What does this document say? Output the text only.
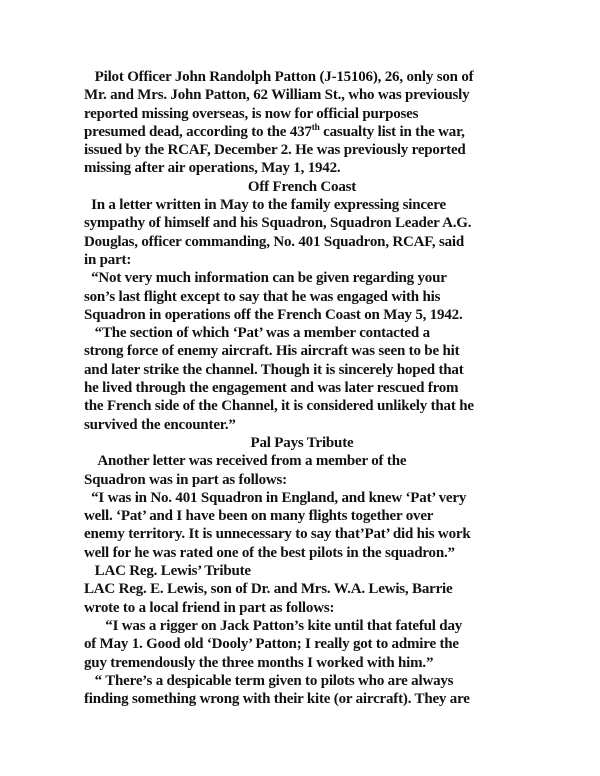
Pilot Officer John Randolph Patton (J-15106), 26, only son of
Mr. and Mrs. John Patton, 62 William St., who was previously
reported missing overseas, is now for official purposes
presumed dead, according to the 437th casualty list in the war,
issued by the RCAF, December 2. He was previously reported
missing after air operations, May 1, 1942.
Off French Coast
In a letter written in May to the family expressing sincere
sympathy of himself and his Squadron, Squadron Leader A.G.
Douglas, officer commanding, No. 401 Squadron, RCAF, said
in part:
“Not very much information can be given regarding your
son’s last flight except to say that he was engaged with his
Squadron in operations off the French Coast on May 5, 1942.
“The section of which ‘Pat’ was a member contacted a
strong force of enemy aircraft. His aircraft was seen to be hit
and later strike the channel. Though it is sincerely hoped that
he lived through the engagement and was later rescued from
the French side of the Channel, it is considered unlikely that he
survived the encounter.”
Pal Pays Tribute
Another letter was received from a member of the
Squadron was in part as follows:
“I was in No. 401 Squadron in England, and knew ‘Pat’ very
well. ‘Pat’ and I have been on many flights together over
enemy territory. It is unnecessary to say that’Pat’ did his work
well for he was rated one of the best pilots in the squadron.”
LAC Reg. Lewis’ Tribute
LAC Reg. E. Lewis, son of Dr. and Mrs. W.A. Lewis, Barrie
wrote to a local friend in part as follows:
“I was a rigger on Jack Patton’s kite until that fateful day
of May 1. Good old ‘Dooly’ Patton; I really got to admire the
guy tremendously the three months I worked with him.”
“ There’s a despicable term given to pilots who are always
finding something wrong with their kite (or aircraft). They are
